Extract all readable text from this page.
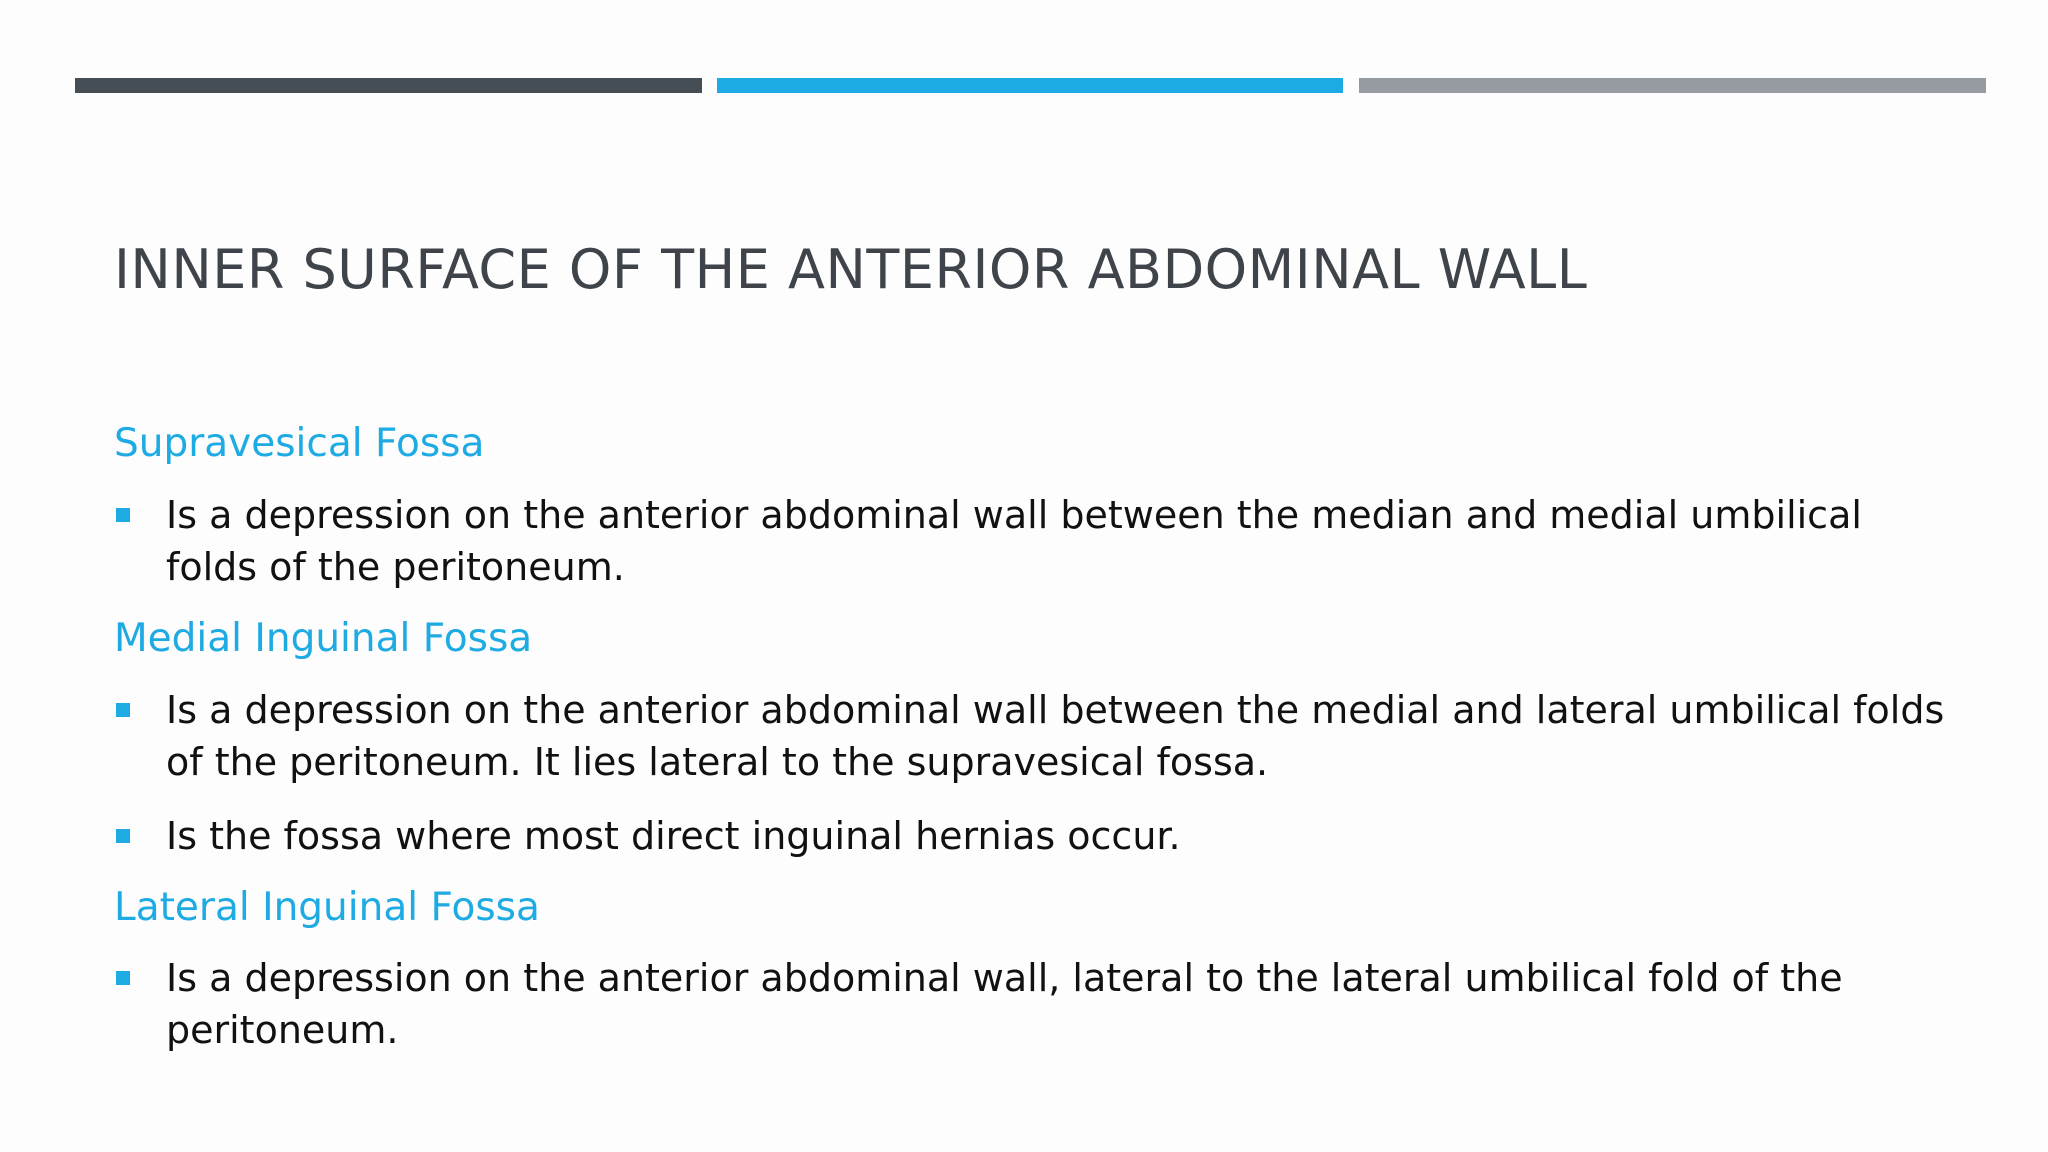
INNER SURFACE OF THE ANTERIOR ABDOMINAL WALL
Supravesical Fossa
Is a depression on the anterior abdominal wall between the median and medial umbilical folds of the peritoneum.
Medial Inguinal Fossa
Is a depression on the anterior abdominal wall between the medial and lateral umbilical folds of the peritoneum. It lies lateral to the supravesical fossa.
Is the fossa where most direct inguinal hernias occur.
Lateral Inguinal Fossa
Is a depression on the anterior abdominal wall, lateral to the lateral umbilical fold of the peritoneum.
